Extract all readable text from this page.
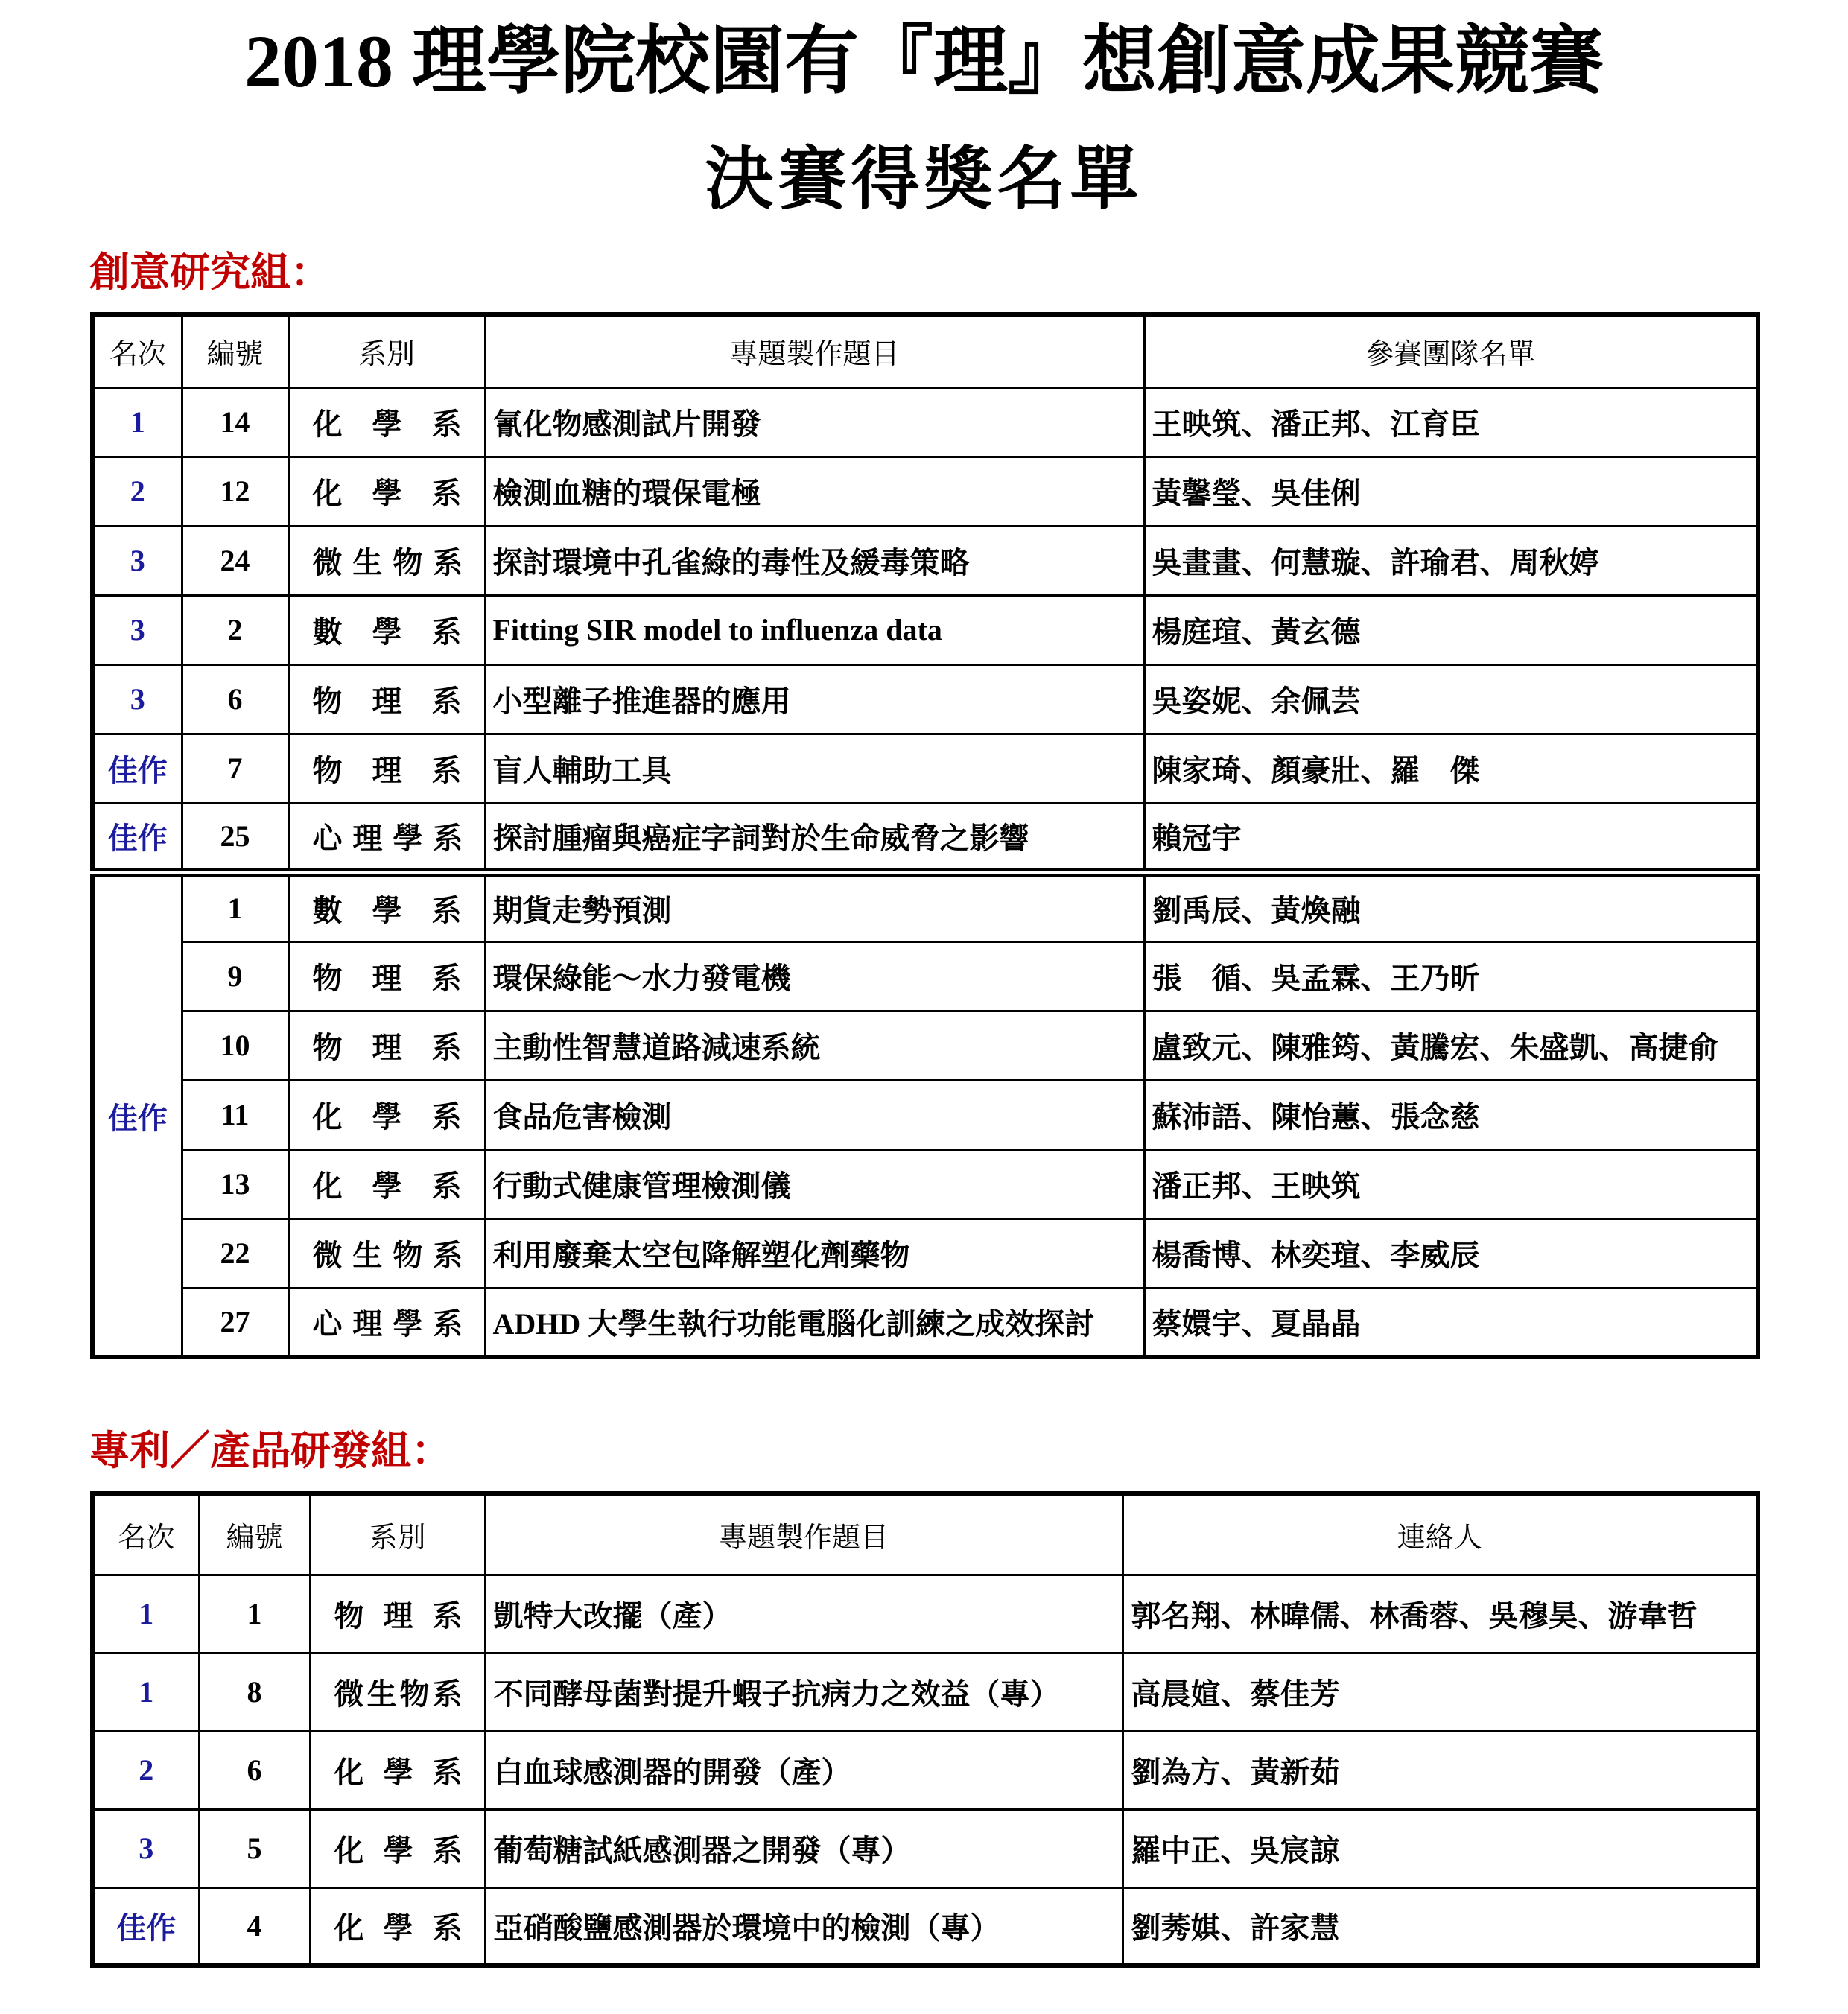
2018 理學院校園有『理』想創意成果競賽
決賽得獎名單
創意研究組：
名次	編號	系別	專題製作題目	參賽團隊名單
1	14	化 學 系	氰化物感測試片開發	王映筑、潘正邦、江育臣
2	12	化 學 系	檢測血糖的環保電極	黃馨瑩、吳佳俐
3	24	微 生 物 系	探討環境中孔雀綠的毒性及緩毒策略	吳畫畫、何慧璇、許瑜君、周秋婷
3	2	數 學 系	Fitting SIR model to influenza data	楊庭瑄、黃玄德
3	6	物 理 系	小型離子推進器的應用	吳姿妮、余佩芸
佳作	7	物 理 系	盲人輔助工具	陳家琦、顏豪壯、羅　傑
佳作	25	心 理 學 系	探討腫瘤與癌症字詞對於生命威脅之影響	賴冠宇
佳作	1	數 學 系	期貨走勢預測	劉禹辰、黃煥融
	9	物 理 系	環保綠能～水力發電機	張　循、吳孟霖、王乃昕
	10	物 理 系	主動性智慧道路減速系統	盧致元、陳雅筠、黃騰宏、朱盛凱、高捷俞
	11	化 學 系	食品危害檢測	蘇沛語、陳怡蕙、張念慈
	13	化 學 系	行動式健康管理檢測儀	潘正邦、王映筑
	22	微 生 物 系	利用廢棄太空包降解塑化劑藥物	楊喬博、林奕瑄、李威辰
	27	心 理 學 系	ADHD 大學生執行功能電腦化訓練之成效探討	蔡嬛宇、夏晶晶
專利／產品研發組：
名次	編號	系別	專題製作題目	連絡人
1	1	物 理 系	凱特大改擺（產）	郭名翔、林暐儒、林喬蓉、吳穆昊、游韋哲
1	8	微生物系	不同酵母菌對提升蝦子抗病力之效益（專）	高晨媗、蔡佳芳
2	6	化 學 系	白血球感測器的開發（產）	劉為方、黃新茹
3	5	化 學 系	葡萄糖試紙感測器之開發（專）	羅中正、吳宸諒
佳作	4	化 學 系	亞硝酸鹽感測器於環境中的檢測（專）	劉莠娸、許家慧
